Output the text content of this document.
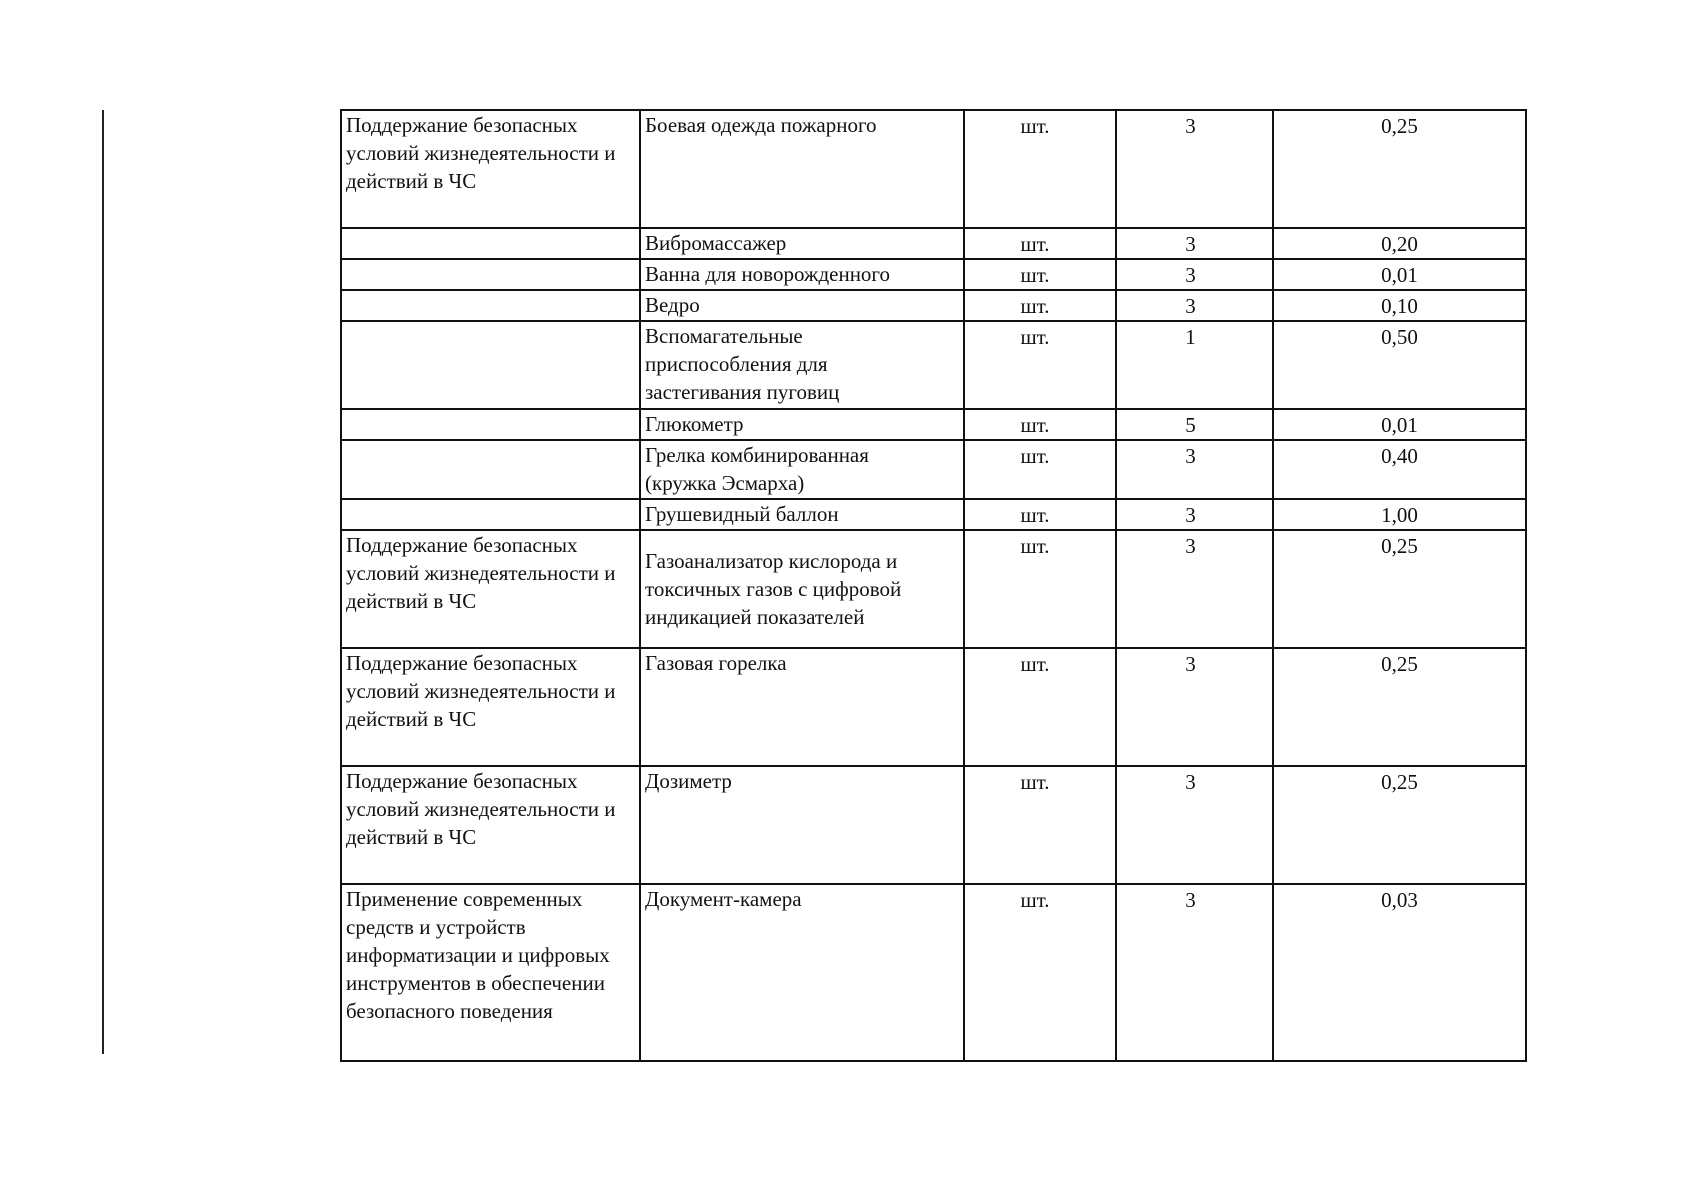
Поддержание безопасных
условий жизнедеятельности и
действий в ЧС	Боевая одежда пожарного	шт.	3	0,25

	Вибромассажер	шт.	3	0,20

	Ванна для новорожденного	шт.	3	0,01

	Ведро	шт.	3	0,10

	Вспомагательные
приспособления для
застегивания пуговиц	шт.	1	0,50

	Глюкометр	шт.	5	0,01

	Грелка комбинированная
(кружка Эсмарха)	шт.	3	0,40

	Грушевидный баллон	шт.	3	1,00

Поддержание безопасных
условий жизнедеятельности и
действий в ЧС	Газоанализатор кислорода и
токсичных газов с цифровой
индикацией показателей	шт.	3	0,25

Поддержание безопасных
условий жизнедеятельности и
действий в ЧС	Газовая горелка	шт.	3	0,25

Поддержание безопасных
условий жизнедеятельности и
действий в ЧС	Дозиметр	шт.	3	0,25

Применение современных
средств и устройств
информатизации и цифровых
инструментов в обеспечении
безопасного поведения	Документ-камера	шт.	3	0,03
